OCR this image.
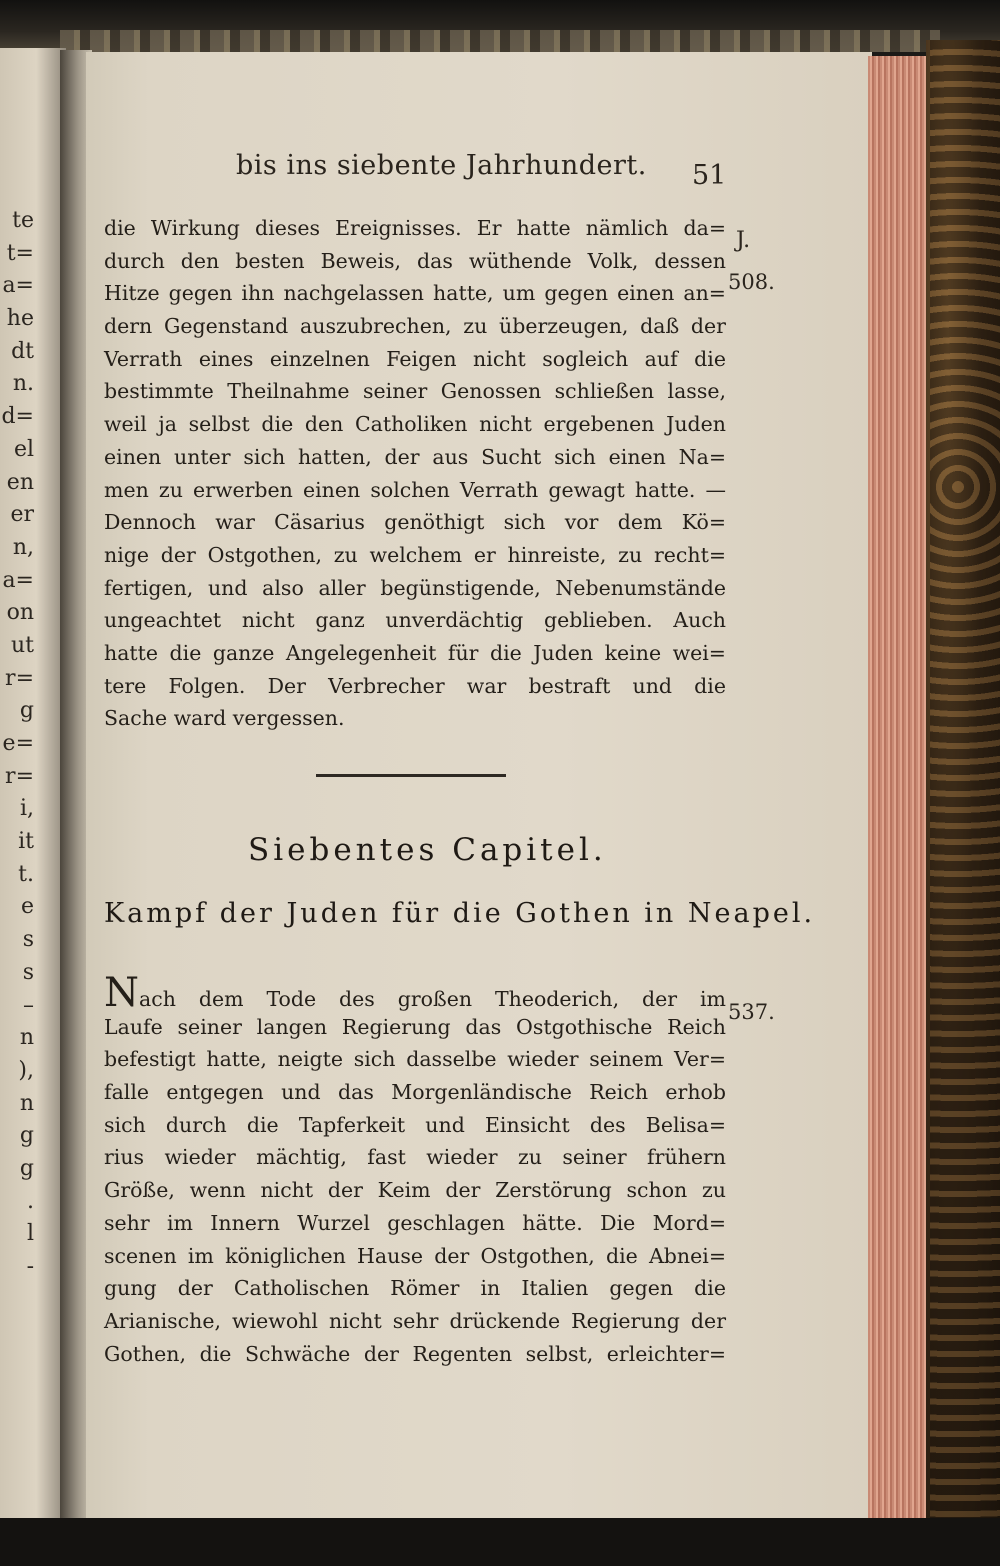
te
t=
a=
he
dt
n.
d=
el
en
er
n,
a=
on
ut
r=
g
e=
r=
i,
it
t.
e
s
s
–
n
),
n
g
g
.
l
-
bis ins siebente Jahrhundert. 51
J.
508.
537.
die Wirkung dieses Ereignisses. Er hatte nämlich da=
durch den besten Beweis, das wüthende Volk, dessen
Hitze gegen ihn nachgelassen hatte, um gegen einen an=
dern Gegenstand auszubrechen, zu überzeugen, daß der
Verrath eines einzelnen Feigen nicht sogleich auf die
bestimmte Theilnahme seiner Genossen schließen lasse,
weil ja selbst die den Catholiken nicht ergebenen Juden
einen unter sich hatten, der aus Sucht sich einen Na=
men zu erwerben einen solchen Verrath gewagt hatte. —
Dennoch war Cäsarius genöthigt sich vor dem Kö=
nige der Ostgothen, zu welchem er hinreiste, zu recht=
fertigen, und also aller begünstigende, Nebenumstände
ungeachtet nicht ganz unverdächtig geblieben. Auch
hatte die ganze Angelegenheit für die Juden keine wei=
tere Folgen. Der Verbrecher war bestraft und die
Sache ward vergessen.
Siebentes Capitel.
Kampf der Juden für die Gothen in Neapel.
Nach dem Tode des großen Theoderich, der im
Laufe seiner langen Regierung das Ostgothische Reich
befestigt hatte, neigte sich dasselbe wieder seinem Ver=
falle entgegen und das Morgenländische Reich erhob
sich durch die Tapferkeit und Einsicht des Belisa=
rius wieder mächtig, fast wieder zu seiner frühern
Größe, wenn nicht der Keim der Zerstörung schon zu
sehr im Innern Wurzel geschlagen hätte. Die Mord=
scenen im königlichen Hause der Ostgothen, die Abnei=
gung der Catholischen Römer in Italien gegen die
Arianische, wiewohl nicht sehr drückende Regierung der
Gothen, die Schwäche der Regenten selbst, erleichter=
